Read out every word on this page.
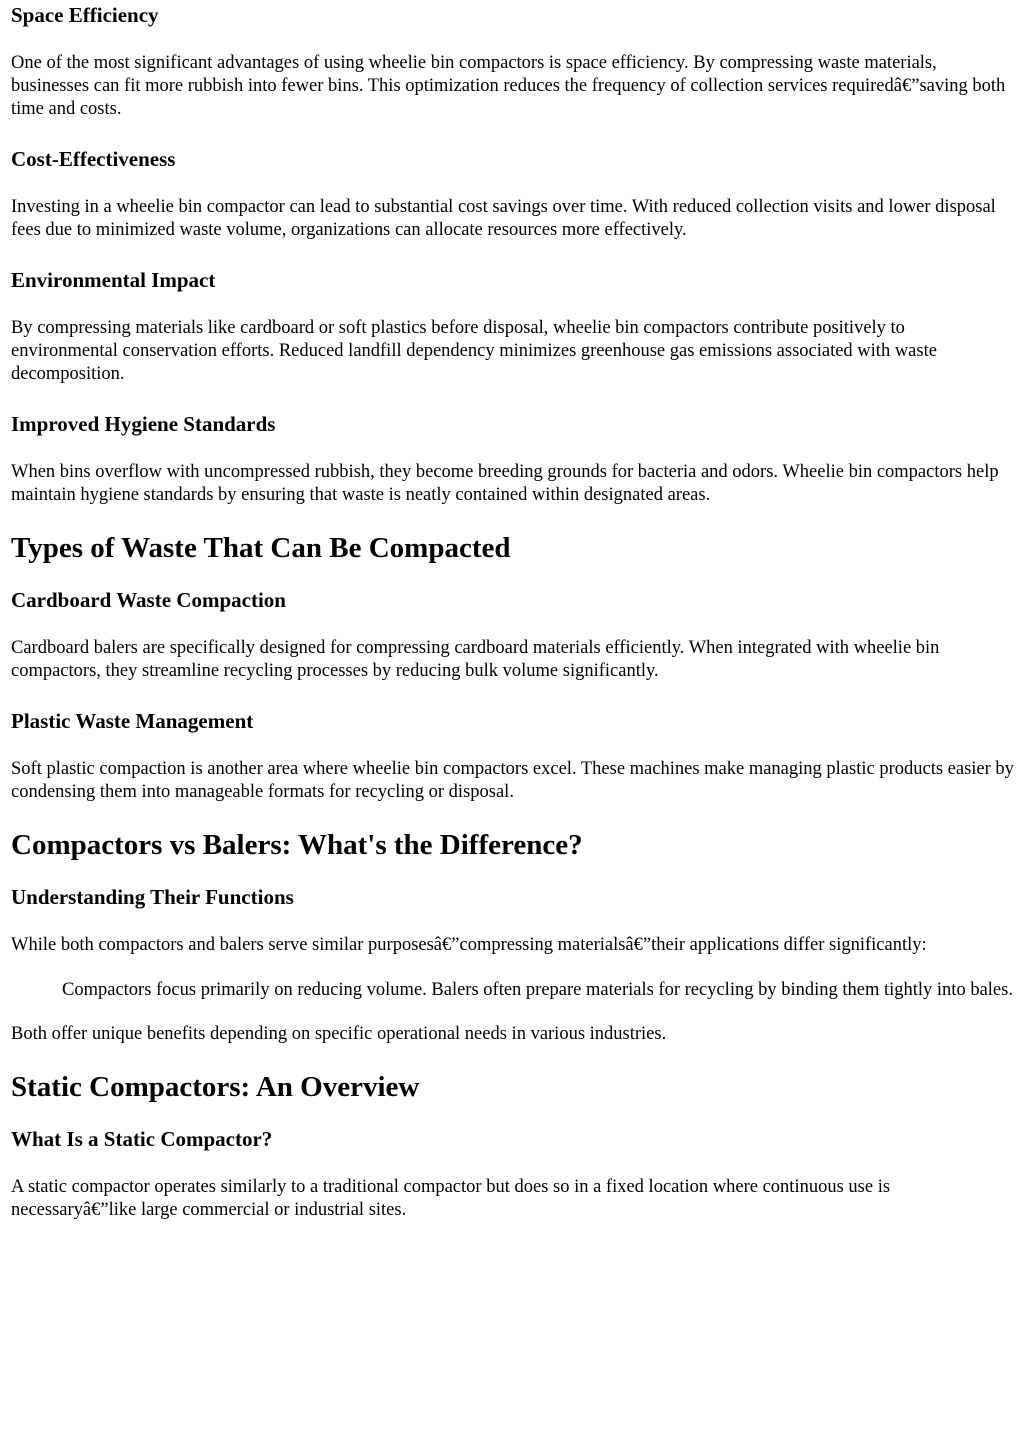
Space Efficiency

One of the most significant advantages of using wheelie bin compactors is space efficiency. By compressing waste materials, businesses can fit more rubbish into fewer bins. This optimization reduces the frequency of collection services requiredâ€”saving both time and costs.

Cost-Effectiveness

Investing in a wheelie bin compactor can lead to substantial cost savings over time. With reduced collection visits and lower disposal fees due to minimized waste volume, organizations can allocate resources more effectively.

Environmental Impact

By compressing materials like cardboard or soft plastics before disposal, wheelie bin compactors contribute positively to environmental conservation efforts. Reduced landfill dependency minimizes greenhouse gas emissions associated with waste decomposition.

Improved Hygiene Standards

When bins overflow with uncompressed rubbish, they become breeding grounds for bacteria and odors. Wheelie bin compactors help maintain hygiene standards by ensuring that waste is neatly contained within designated areas.

Types of Waste That Can Be Compacted
Cardboard Waste Compaction

Cardboard balers are specifically designed for compressing cardboard materials efficiently. When integrated with wheelie bin compactors, they streamline recycling processes by reducing bulk volume significantly.

Plastic Waste Management

Soft plastic compaction is another area where wheelie bin compactors excel. These machines make managing plastic products easier by condensing them into manageable formats for recycling or disposal.

Compactors vs Balers: What's the Difference?
Understanding Their Functions

While both compactors and balers serve similar purposesâ€”compressing materialsâ€”their applications differ significantly:

Compactors focus primarily on reducing volume. Balers often prepare materials for recycling by binding them tightly into bales.

Both offer unique benefits depending on specific operational needs in various industries.

Static Compactors: An Overview
What Is a Static Compactor?

A static compactor operates similarly to a traditional compactor but does so in a fixed location where continuous use is necessaryâ€”like large commercial or industrial sites.
